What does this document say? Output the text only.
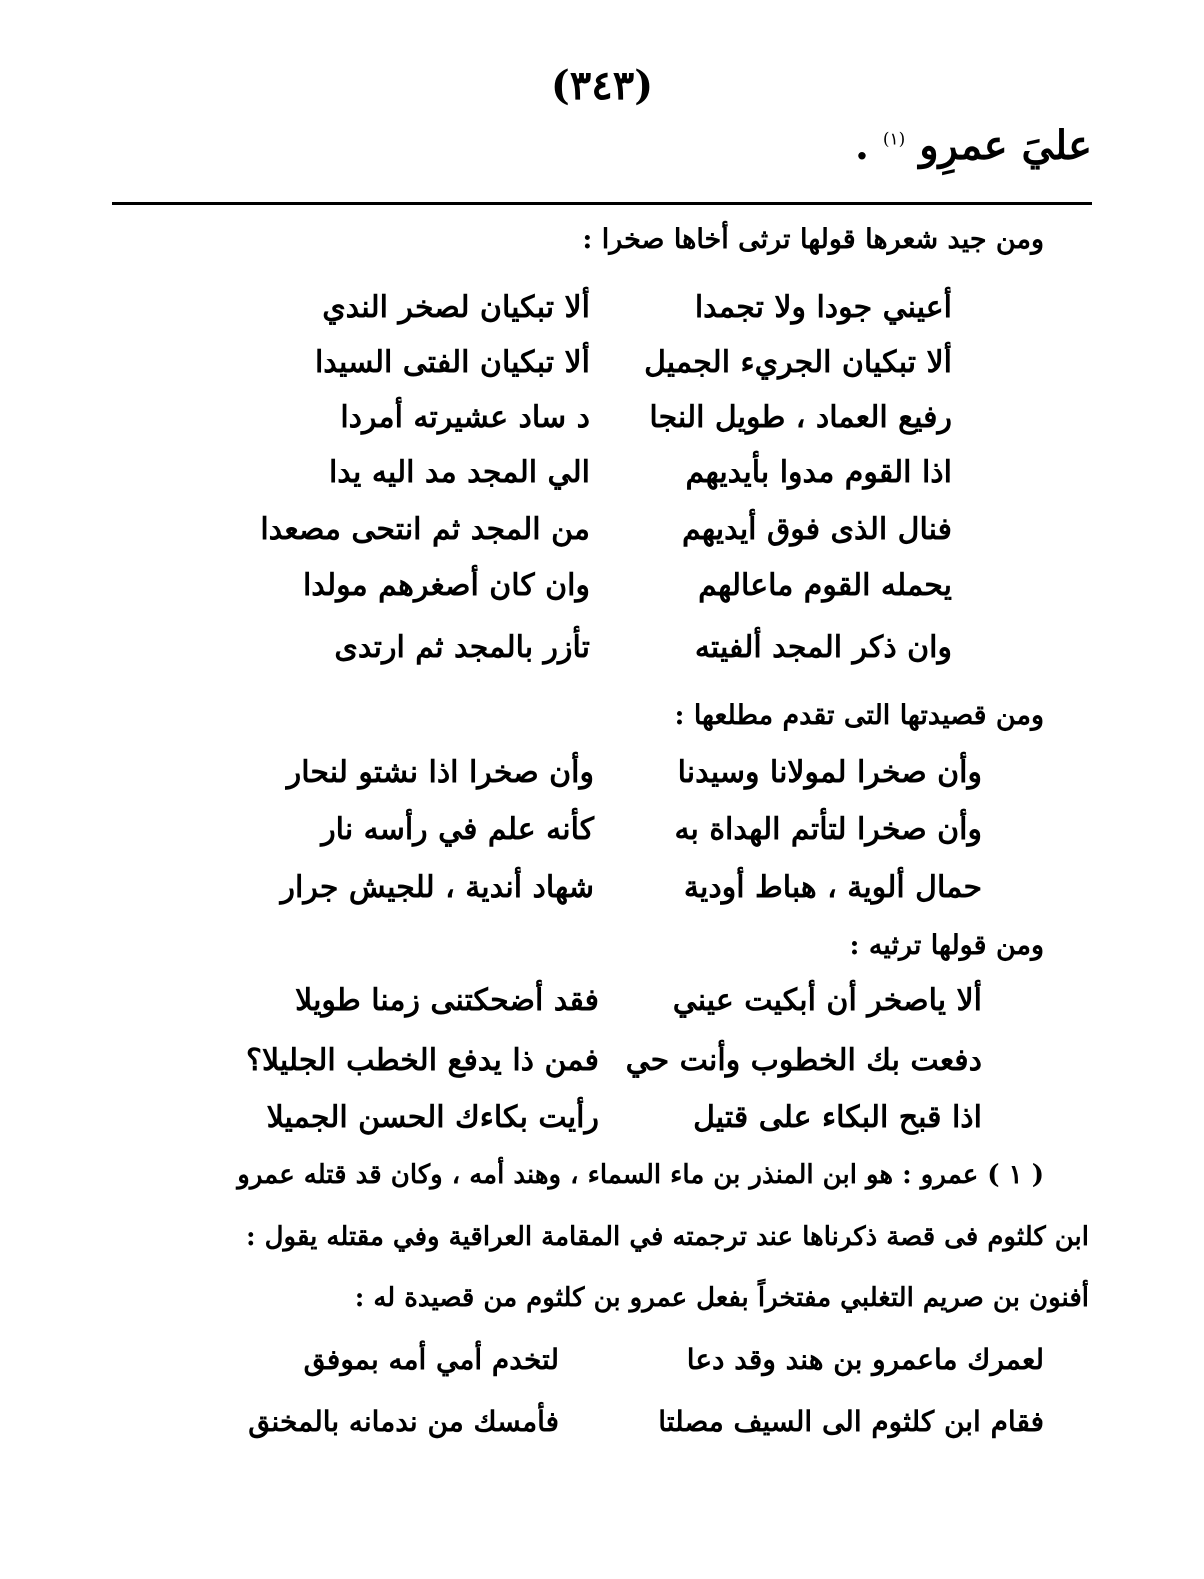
(٣٤٣)
عليَ عمرِو $^{(١)}$ .
ومن جيد شعرها قولها ترثى أخاها صخرا :
أعيني جودا ولا تجمدا
ألا تبكيان لصخر الندي
ألا تبكيان الجريء الجميل
ألا تبكيان الفتى السيدا
رفيع العماد ، طويل النجا
د ساد عشيرته أمردا
اذا القوم مدوا بأيديهم
الي المجد مد اليه يدا
فنال الذى فوق أيديهم
من المجد ثم انتحى مصعدا
يحمله القوم ماعالهم
وان كان أصغرهم مولدا
وان ذكر المجد ألفيته
تأزر بالمجد ثم ارتدى
ومن قصيدتها التى تقدم مطلعها :
وأن صخرا لمولانا وسيدنا
وأن صخرا اذا نشتو لنحار
وأن صخرا لتأتم الهداة به
كأنه علم في رأسه نار
حمال ألوية ، هباط أودية
شهاد أندية ، للجيش جرار
ومن قولها ترثيه :
ألا ياصخر أن أبكيت عيني
فقد أضحكتنى زمنا طويلا
دفعت بك الخطوب وأنت حي
فمن ذا يدفع الخطب الجليلا؟
اذا قبح البكاء على قتيل
رأيت بكاءك الحسن الجميلا
( ١ ) عمرو : هو ابن المنذر بن ماء السماء ، وهند أمه ، وكان قد قتله عمرو
ابن كلثوم فى قصة ذكرناها عند ترجمته في المقامة العراقية وفي مقتله يقول :
أفنون بن صريم التغلبي مفتخراً بفعل عمرو بن كلثوم من قصيدة له :
لعمرك ماعمرو بن هند وقد دعا
لتخدم أمي أمه بموفق
فقام ابن كلثوم الى السيف مصلتا
فأمسك من ندمانه بالمخنق
